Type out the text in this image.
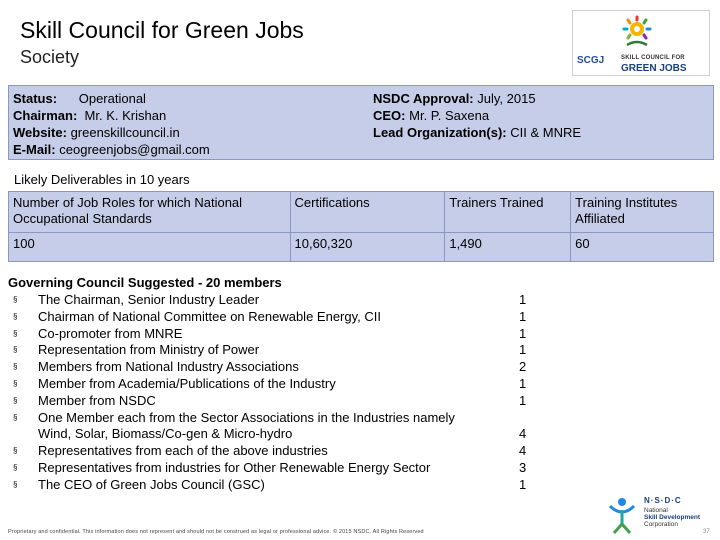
Skill Council for Green Jobs
Society	SCGJ	SKILL COUNCIL FOR
GREEN JOBS
Status: Operational
Chairman: Mr. K. Krishan
Website: greenskillcouncil.in
E-Mail: ceogreenjobs@gmail.com
NSDC Approval: July, 2015
CEO: Mr. P. Saxena
Lead Organization(s): CII & MNRE
Likely Deliverables in 10 years
Number of Job Roles for which National Occupational Standards	Certifications	Trainers Trained	Training Institutes Affiliated
100	10,60,320	1,490	60
Governing Council Suggested - 20 members
§ The Chairman, Senior Industry Leader	1
§ Chairman of National Committee on Renewable Energy, CII	1
§ Co-promoter from MNRE	1
§ Representation from Ministry of Power	1
§ Members from National Industry Associations	2
§ Member from Academia/Publications of the Industry	1
§ Member from NSDC	1
§ One Member each from the Sector Associations in the Industries namely
Wind, Solar, Biomass/Co-gen & Micro-hydro	4
§ Representatives from each of the above industries	4
§ Representatives from industries for Other Renewable Energy Sector	3
§ The CEO of Green Jobs Council (GSC)	1
Proprietary and confidential. This information does not represent and should not be construed as legal or professional advice. © 2015 NSDC. All Rights Reserved
N·S·D·C
National
Skill Development
Corporation
37
